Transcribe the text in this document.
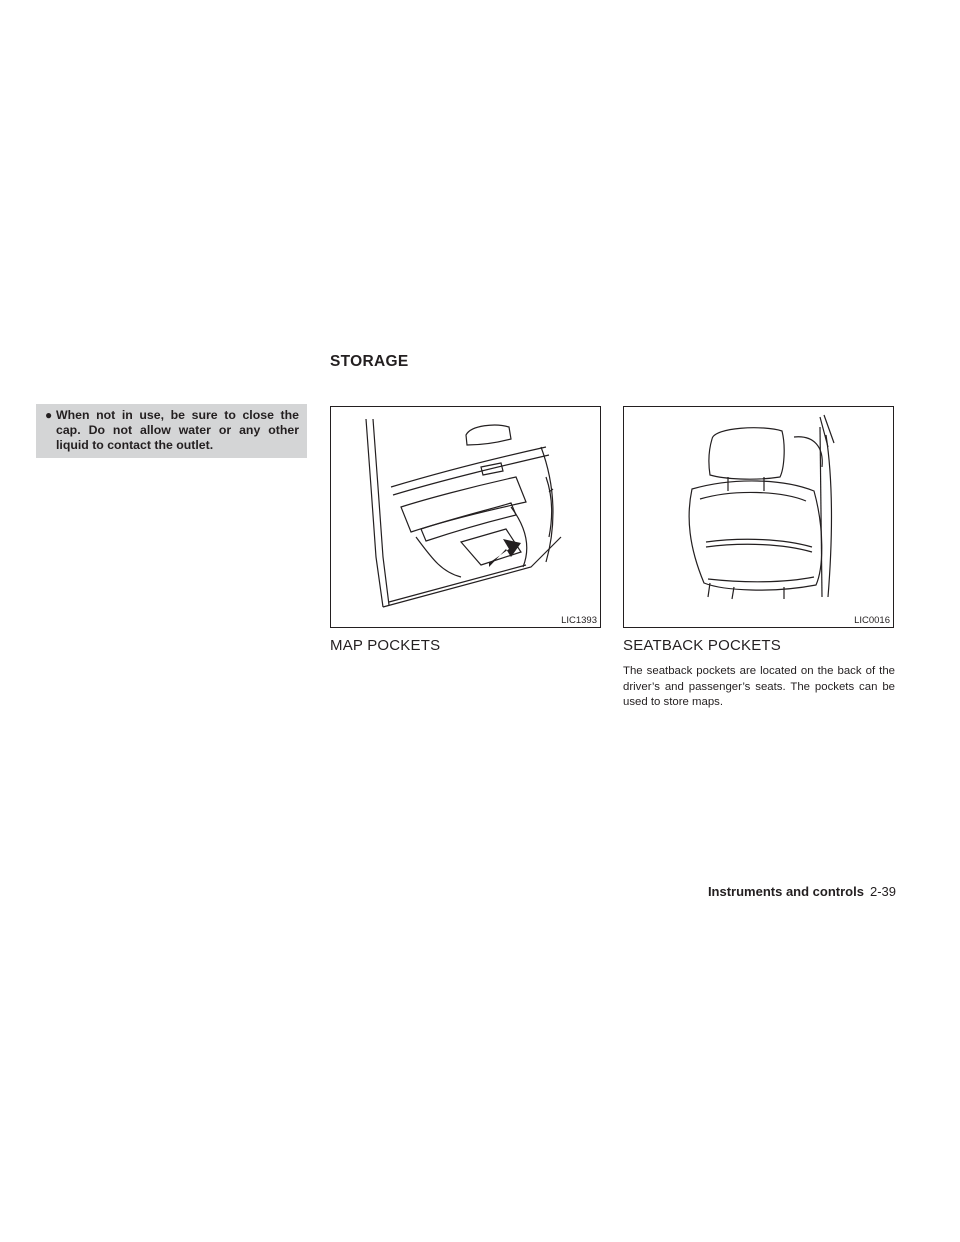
● When not in use, be sure to close the cap. Do not allow water or any other liquid to contact the outlet.
STORAGE
LIC1393	LIC0016
MAP POCKETS	SEATBACK POCKETS
The seatback pockets are located on the back of the driver’s and passenger’s seats. The pockets can be used to store maps.
Instruments and controls 2-39
